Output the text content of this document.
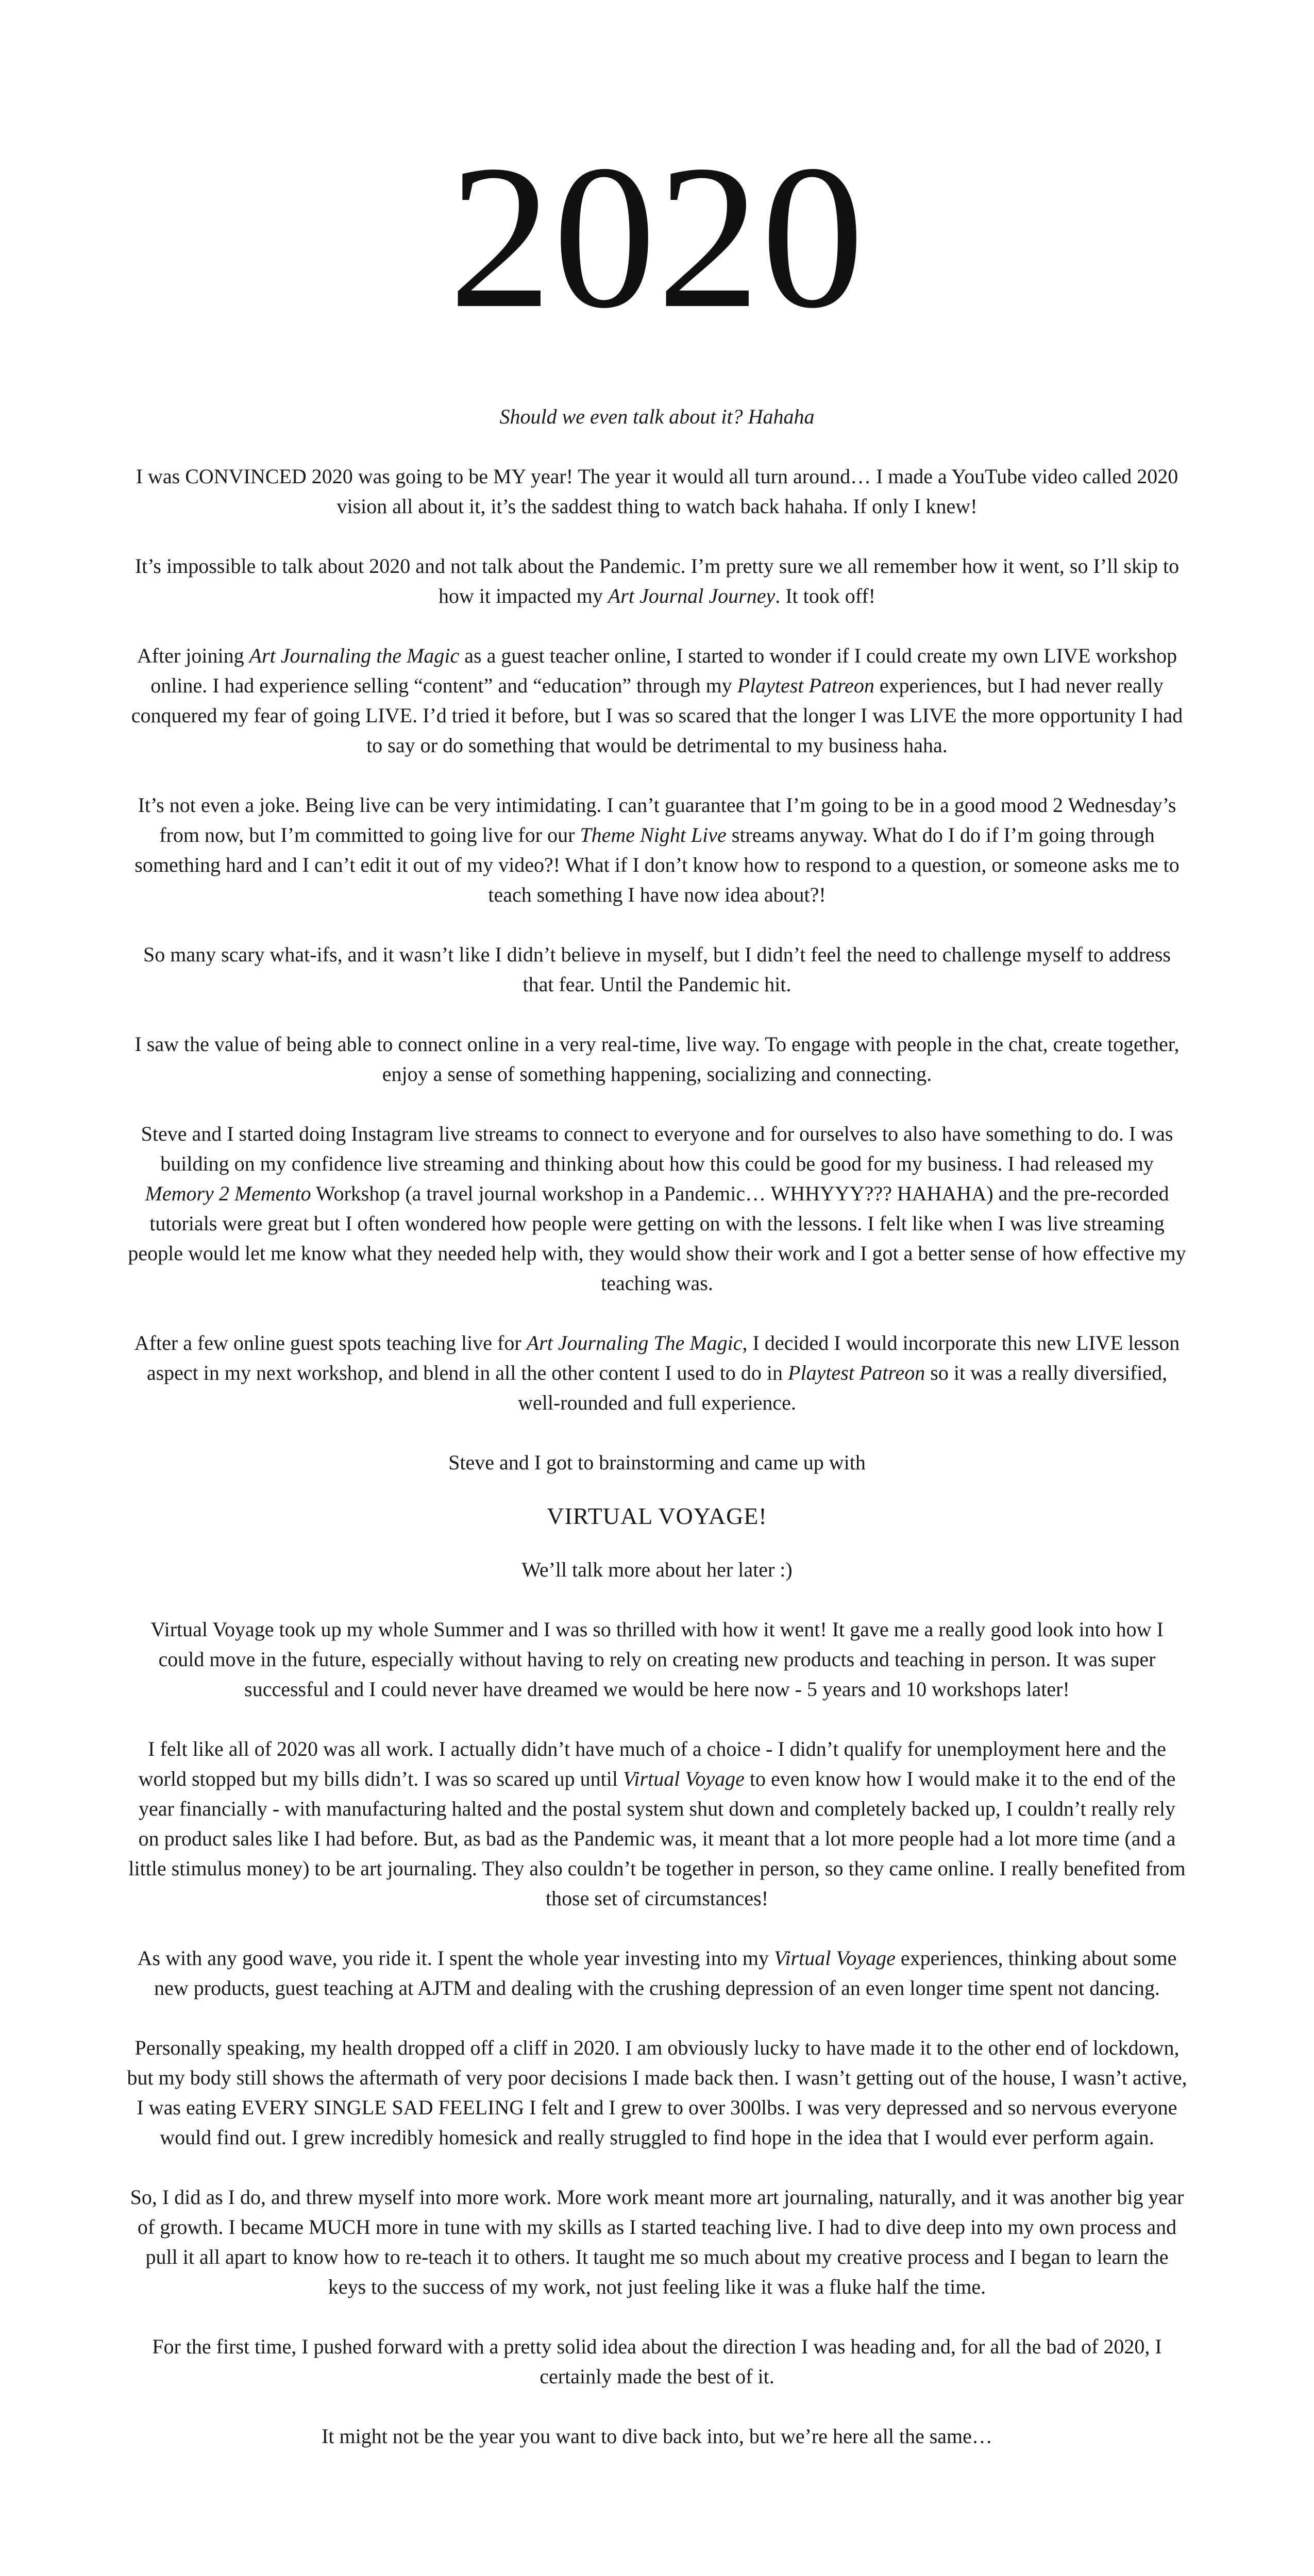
2020

Should we even talk about it? Hahaha

I was CONVINCED 2020 was going to be MY year! The year it would all turn around… I made a YouTube video called 2020 vision all about it, it’s the saddest thing to watch back hahaha. If only I knew!

It’s impossible to talk about 2020 and not talk about the Pandemic. I’m pretty sure we all remember how it went, so I’ll skip to how it impacted my Art Journal Journey. It took off!

After joining Art Journaling the Magic as a guest teacher online, I started to wonder if I could create my own LIVE workshop online. I had experience selling “content” and “education” through my Playtest Patreon experiences, but I had never really conquered my fear of going LIVE. I’d tried it before, but I was so scared that the longer I was LIVE the more opportunity I had to say or do something that would be detrimental to my business haha.

It’s not even a joke. Being live can be very intimidating. I can’t guarantee that I’m going to be in a good mood 2 Wednesday’s from now, but I’m committed to going live for our Theme Night Live streams anyway. What do I do if I’m going through something hard and I can’t edit it out of my video?! What if I don’t know how to respond to a question, or someone asks me to teach something I have now idea about?!

So many scary what-ifs, and it wasn’t like I didn’t believe in myself, but I didn’t feel the need to challenge myself to address that fear. Until the Pandemic hit.

I saw the value of being able to connect online in a very real-time, live way. To engage with people in the chat, create together, enjoy a sense of something happening, socializing and connecting.

Steve and I started doing Instagram live streams to connect to everyone and for ourselves to also have something to do. I was building on my confidence live streaming and thinking about how this could be good for my business. I had released my Memory 2 Memento Workshop (a travel journal workshop in a Pandemic… WHHYYY??? HAHAHA) and the pre-recorded tutorials were great but I often wondered how people were getting on with the lessons. I felt like when I was live streaming people would let me know what they needed help with, they would show their work and I got a better sense of how effective my teaching was.

After a few online guest spots teaching live for Art Journaling The Magic, I decided I would incorporate this new LIVE lesson aspect in my next workshop, and blend in all the other content I used to do in Playtest Patreon so it was a really diversified, well-rounded and full experience.

Steve and I got to brainstorming and came up with

VIRTUAL VOYAGE!

We’ll talk more about her later :)

Virtual Voyage took up my whole Summer and I was so thrilled with how it went! It gave me a really good look into how I could move in the future, especially without having to rely on creating new products and teaching in person. It was super successful and I could never have dreamed we would be here now - 5 years and 10 workshops later!

I felt like all of 2020 was all work. I actually didn’t have much of a choice - I didn’t qualify for unemployment here and the world stopped but my bills didn’t. I was so scared up until Virtual Voyage to even know how I would make it to the end of the year financially - with manufacturing halted and the postal system shut down and completely backed up, I couldn’t really rely on product sales like I had before. But, as bad as the Pandemic was, it meant that a lot more people had a lot more time (and a little stimulus money) to be art journaling. They also couldn’t be together in person, so they came online. I really benefited from those set of circumstances!

As with any good wave, you ride it. I spent the whole year investing into my Virtual Voyage experiences, thinking about some new products, guest teaching at AJTM and dealing with the crushing depression of an even longer time spent not dancing.

Personally speaking, my health dropped off a cliff in 2020. I am obviously lucky to have made it to the other end of lockdown, but my body still shows the aftermath of very poor decisions I made back then. I wasn’t getting out of the house, I wasn’t active, I was eating EVERY SINGLE SAD FEELING I felt and I grew to over 300lbs. I was very depressed and so nervous everyone would find out. I grew incredibly homesick and really struggled to find hope in the idea that I would ever perform again.

So, I did as I do, and threw myself into more work. More work meant more art journaling, naturally, and it was another big year of growth. I became MUCH more in tune with my skills as I started teaching live. I had to dive deep into my own process and pull it all apart to know how to re-teach it to others. It taught me so much about my creative process and I began to learn the keys to the success of my work, not just feeling like it was a fluke half the time.

For the first time, I pushed forward with a pretty solid idea about the direction I was heading and, for all the bad of 2020, I certainly made the best of it.

It might not be the year you want to dive back into, but we’re here all the same…
